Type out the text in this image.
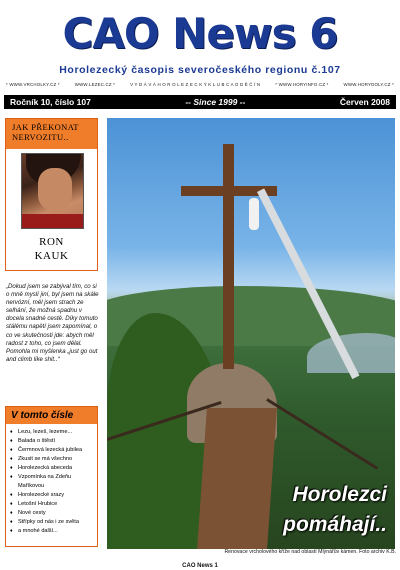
CAO News 6
Horolezecký časopis severočeského regionu č.107
* WWW.VRCHOLKY.CZ *	WWW.LEZEC.CZ *	V Y D Á V Á H O R O L E Z E C K Ý K L U B C A O D Ě Č Í N	* WWW.HORYINFO.CZ *	WWW.HORYDOLY.CZ *
Ročník 10, číslo 107	-- Since 1999 --	Červen 2008
JAK PŘEKONAT NERVOZITU..
RON
KAUK
„Dokud jsem se zabýval tím, co si o mně myslí jiní, byl jsem na skále nervózní, měl jsem strach ze selhání, že možná spadnu v docela snadné cestě. Díky tomuto stálému napětí jsem zapomínal, o co ve skutečnosti jde: abych měl radost z toho, co jsem dělal. Pomohla mi myšlenka „just go out and climb like shit..“
V tomto čísle
♦ Lezu, lezeš, lezeme...
♦ Balada o štěstí
♦ Čermnová lezecká jubilea
♦ Zkusit se má všechno
♦ Horolezecká abeceda
♦ Vzpomínka na Zdeňu Maříkovou
♦ Horolezecké srazy
♦ Letošní Hrubice
♦ Nové cesty
♦ Střípky od nás i ze světa
♦ a mnohé další...
Horolezci
pomáhají..
Renovace vrcholového kříže nad oblastí Mlýnářův kámen. Foto archiv K.B.
CAO News 1
